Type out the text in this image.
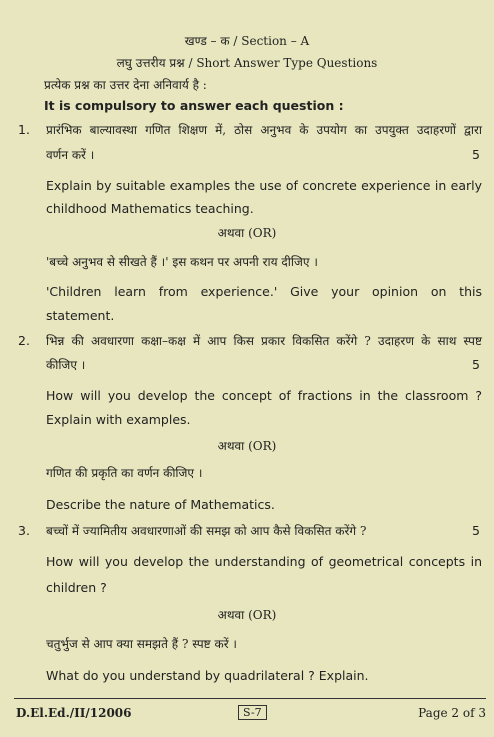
खण्ड – क / Section – A
लघु उत्तरीय प्रश्न / Short Answer Type Questions
प्रत्येक प्रश्न का उत्तर देना अनिवार्य है :
It is compulsory to answer each question :
1. प्रारंभिक बाल्यावस्था गणित शिक्षण में, ठोस अनुभव के उपयोग का उपयुक्त उदाहरणों द्वारा
वर्णन करें ।	5
Explain by suitable examples the use of concrete experience in early
childhood Mathematics teaching.
अथवा (OR)
'बच्चे अनुभव से सीखते हैं ।' इस कथन पर अपनी राय दीजिए ।
'Children learn from experience.' Give your opinion on this
statement.
2. भिन्न की अवधारणा कक्षा–कक्ष में आप किस प्रकार विकसित करेंगे ? उदाहरण के साथ स्पष्ट
कीजिए ।	5
How will you develop the concept of fractions in the classroom ?
Explain with examples.
अथवा (OR)
गणित की प्रकृति का वर्णन कीजिए ।
Describe the nature of Mathematics.
3. बच्चों में ज्यामितीय अवधारणाओं की समझ को आप कैसे विकसित करेंगे ?	5
How will you develop the understanding of geometrical concepts in
children ?
अथवा (OR)
चतुर्भुज से आप क्या समझते हैं ? स्पष्ट करें ।
What do you understand by quadrilateral ? Explain.
D.El.Ed./II/12006	S-7	Page 2 of 3
